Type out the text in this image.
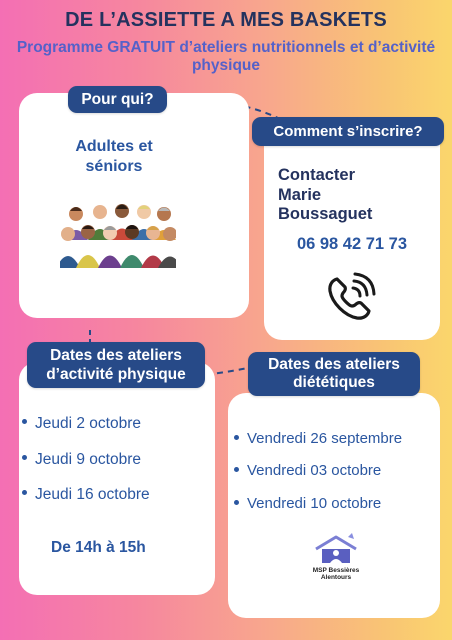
DE L’ASSIETTE A MES BASKETS
Programme GRATUIT d’ateliers nutritionnels et d’activité physique
Adultes et
séniors	Contacter
Marie
Boussaguet
06 98 42 71 73
Jeudi 2 octobre
Jeudi 9 octobre
Jeudi 16 octobre
De 14h à 15h
Vendredi 26 septembre
Vendredi 03 octobre
Vendredi 10 octobre
MSP Bessières
Alentours
Pour qui?
Comment s’inscrire?
Dates des ateliers
d’activité physique
Dates des ateliers
diététiques
